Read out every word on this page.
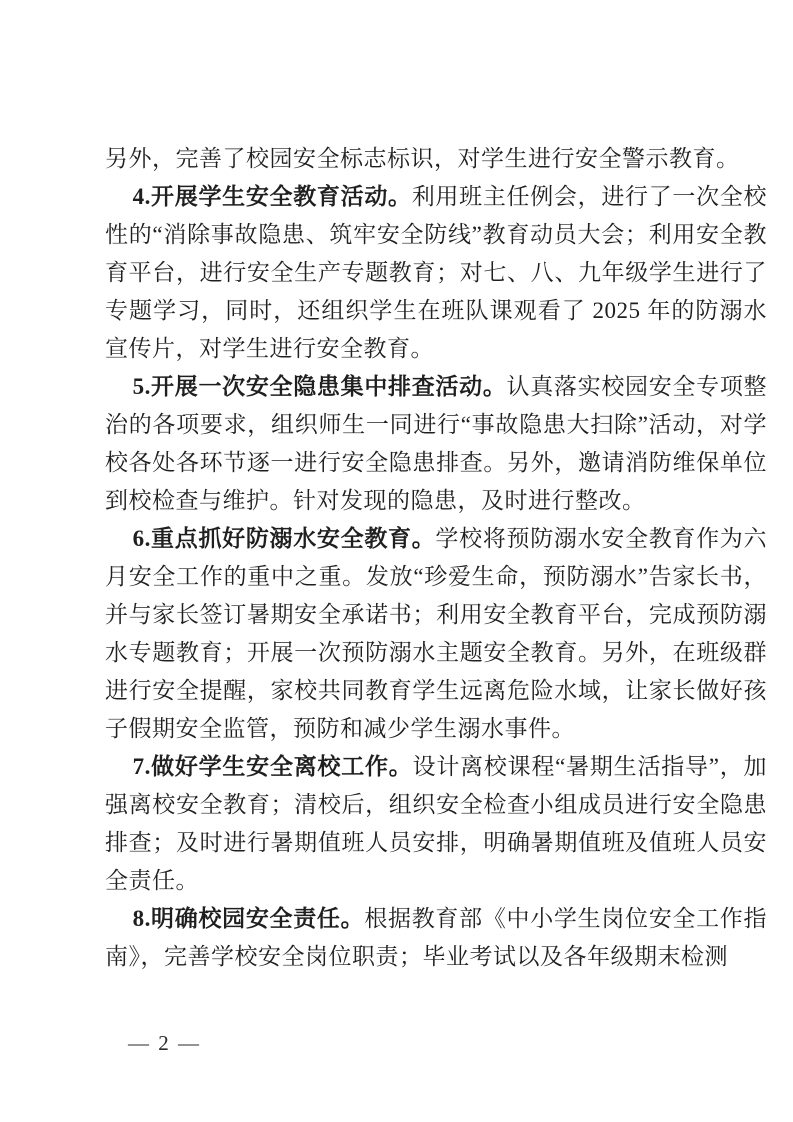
另外，完善了校园安全标志标识，对学生进行安全警示教育。

4.开展学生安全教育活动。利用班主任例会，进行了一次全校性的“消除事故隐患、筑牢安全防线”教育动员大会；利用安全教育平台，进行安全生产专题教育；对七、八、九年级学生进行了专题学习，同时，还组织学生在班队课观看了 2025 年的防溺水宣传片，对学生进行安全教育。

5.开展一次安全隐患集中排查活动。认真落实校园安全专项整治的各项要求，组织师生一同进行“事故隐患大扫除”活动，对学校各处各环节逐一进行安全隐患排查。另外，邀请消防维保单位到校检查与维护。针对发现的隐患，及时进行整改。

6.重点抓好防溺水安全教育。学校将预防溺水安全教育作为六月安全工作的重中之重。发放“珍爱生命，预防溺水”告家长书，并与家长签订暑期安全承诺书；利用安全教育平台，完成预防溺水专题教育；开展一次预防溺水主题安全教育。另外，在班级群进行安全提醒，家校共同教育学生远离危险水域，让家长做好孩子假期安全监管，预防和减少学生溺水事件。

7.做好学生安全离校工作。设计离校课程“暑期生活指导”，加强离校安全教育；清校后，组织安全检查小组成员进行安全隐患排查；及时进行暑期值班人员安排，明确暑期值班及值班人员安全责任。

8.明确校园安全责任。根据教育部《中小学生岗位安全工作指南》，完善学校安全岗位职责；毕业考试以及各年级期末检测

— 2 —
